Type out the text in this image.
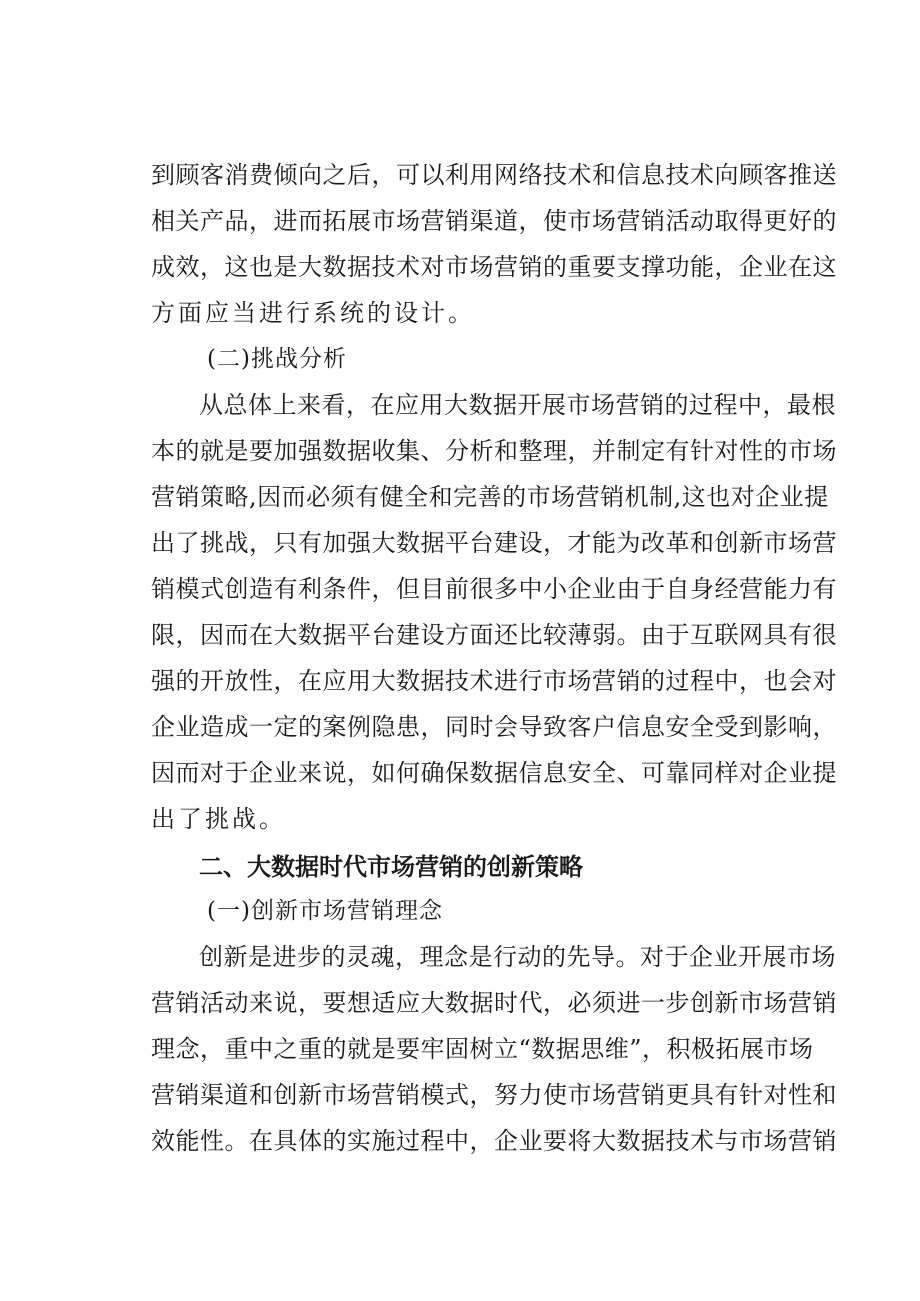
到顾客消费倾向之后，可以利用网络技术和信息技术向顾客推送
相关产品，进而拓展市场营销渠道，使市场营销活动取得更好的
成效，这也是大数据技术对市场营销的重要支撑功能，企业在这
方面应当进行系统的设计。
(二)挑战分析
从总体上来看，在应用大数据开展市场营销的过程中，最根
本的就是要加强数据收集、分析和整理，并制定有针对性的市场
营销策略,因而必须有健全和完善的市场营销机制,这也对企业提
出了挑战，只有加强大数据平台建设，才能为改革和创新市场营
销模式创造有利条件，但目前很多中小企业由于自身经营能力有
限，因而在大数据平台建设方面还比较薄弱。由于互联网具有很
强的开放性，在应用大数据技术进行市场营销的过程中，也会对
企业造成一定的案例隐患，同时会导致客户信息安全受到影响，
因而对于企业来说，如何确保数据信息安全、可靠同样对企业提
出了挑战。
二、大数据时代市场营销的创新策略
(一)创新市场营销理念
创新是进步的灵魂，理念是行动的先导。对于企业开展市场
营销活动来说，要想适应大数据时代，必须进一步创新市场营销
理念，重中之重的就是要牢固树立“数据思维”，积极拓展市场
营销渠道和创新市场营销模式，努力使市场营销更具有针对性和
效能性。在具体的实施过程中，企业要将大数据技术与市场营销
